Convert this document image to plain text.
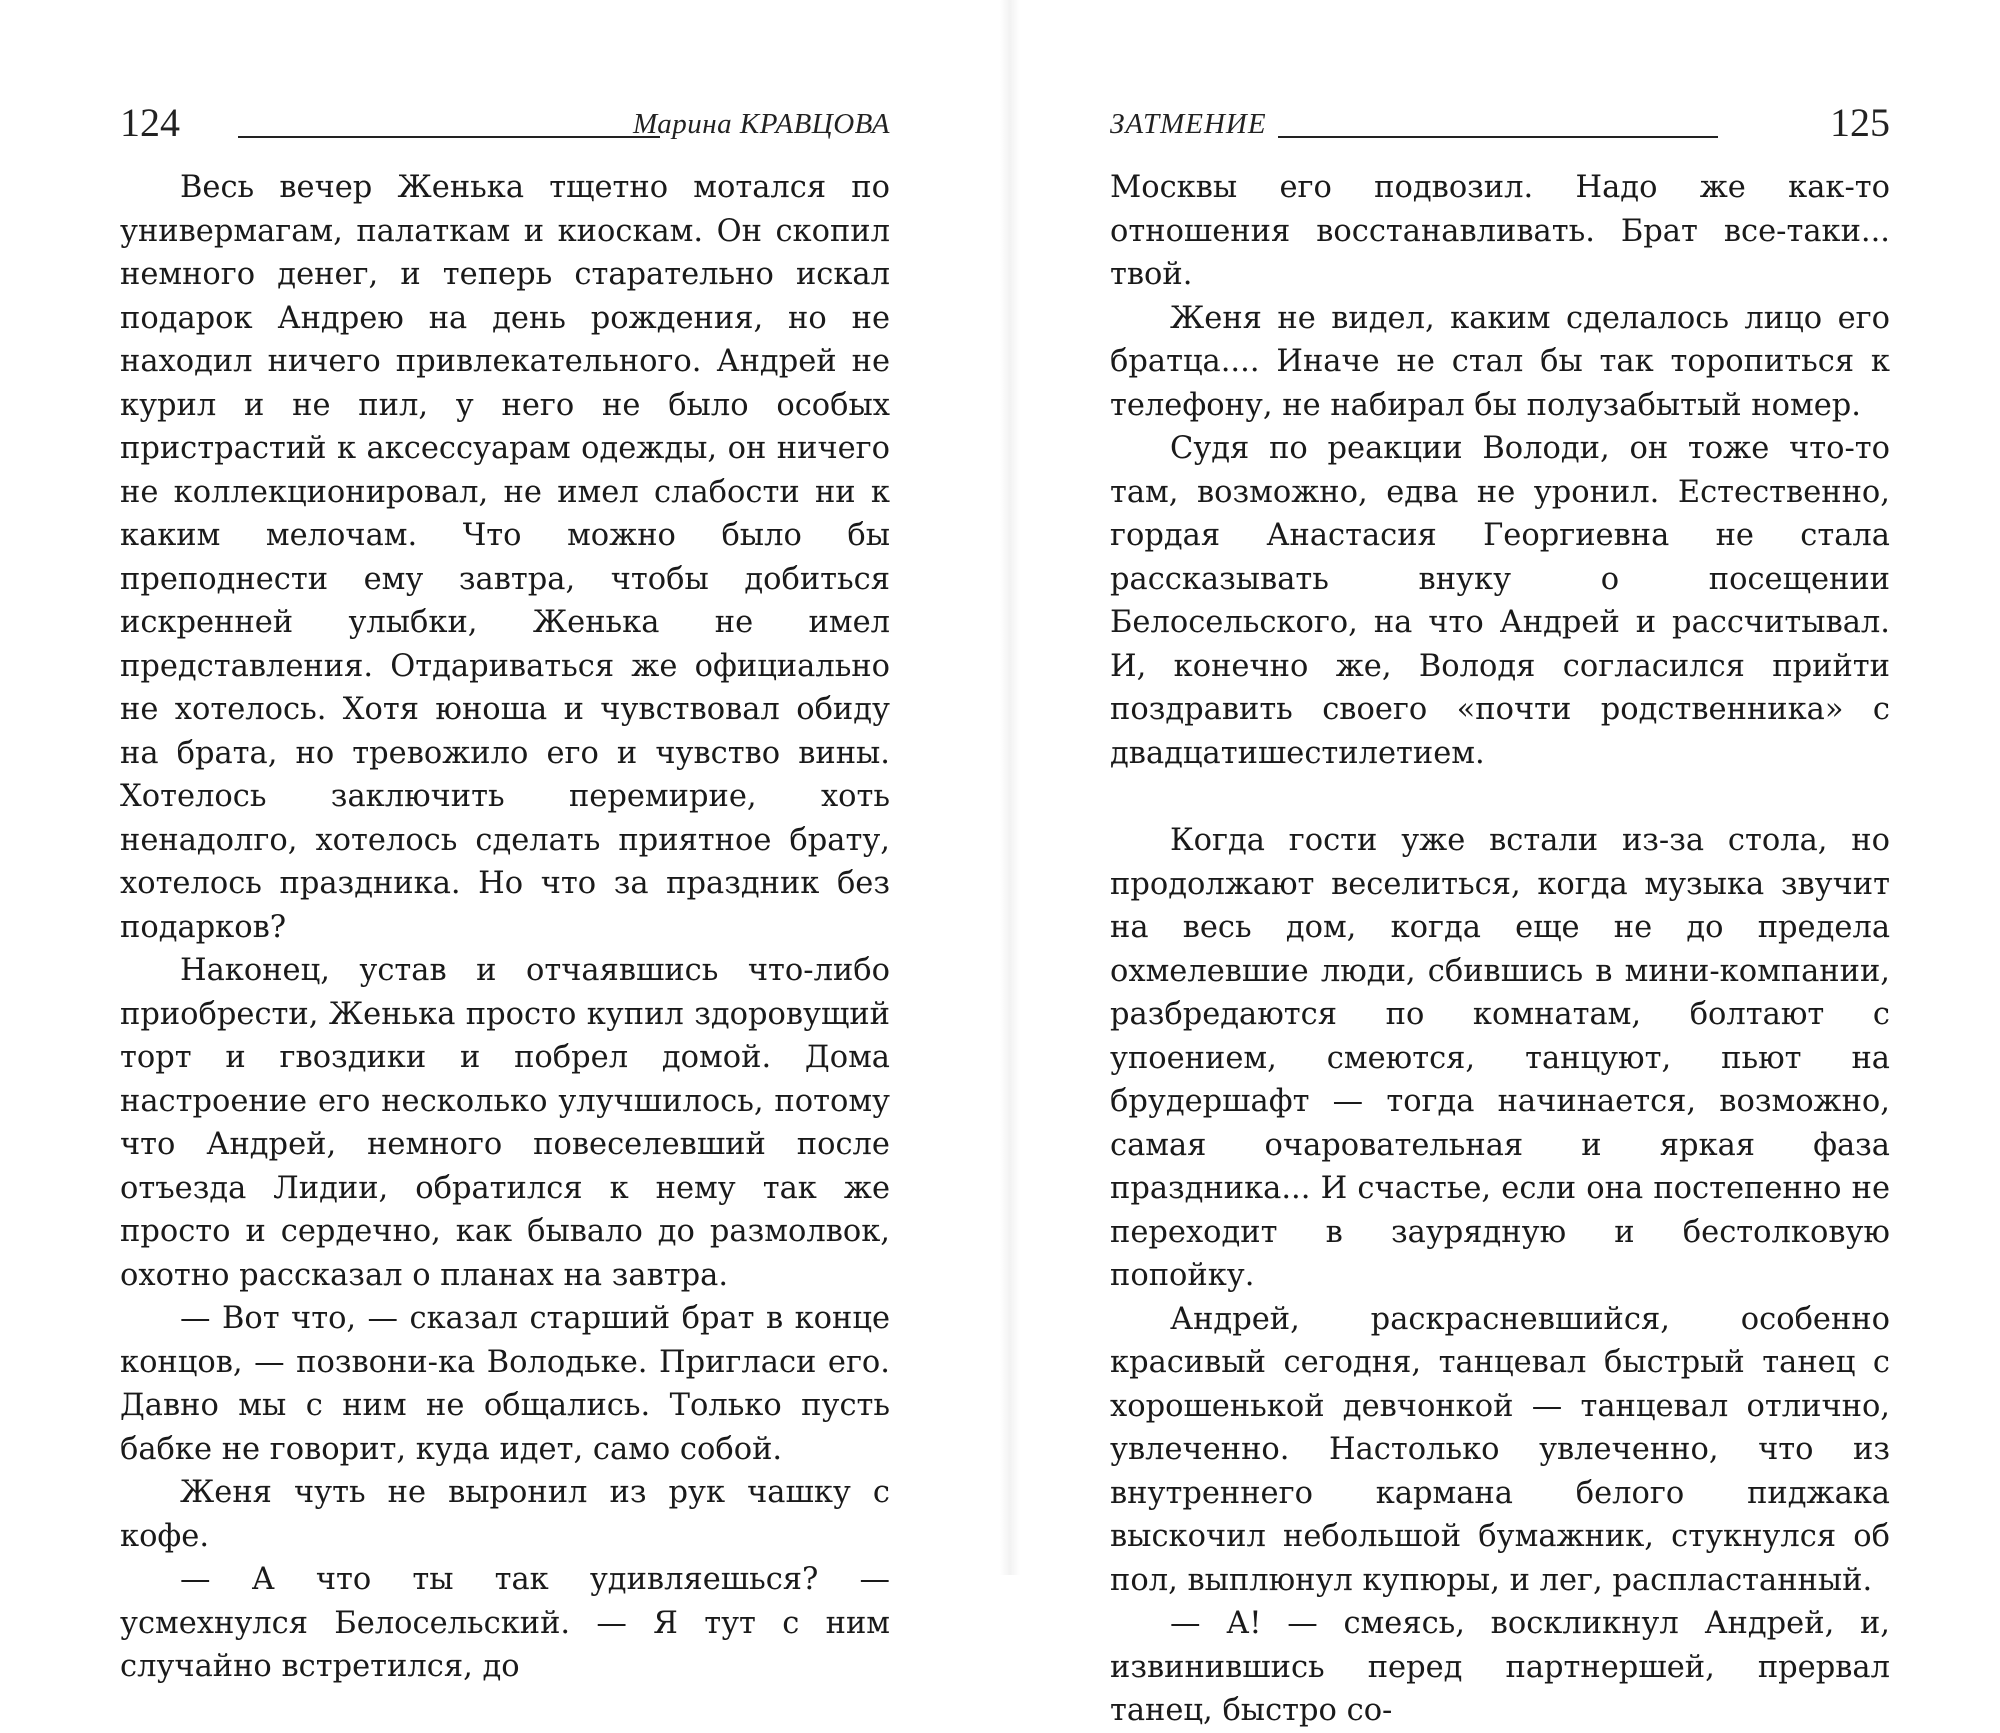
124	Марина КРАВЦОВА

Весь вечер Женька тщетно мотался по универмагам, палаткам и киоскам. Он скопил немного денег, и теперь старательно искал подарок Андрею на день рождения, но не находил ничего привлекательного. Андрей не курил и не пил, у него не было особых пристрастий к аксессуарам одежды, он ничего не коллекционировал, не имел слабости ни к каким мелочам. Что можно было бы преподнести ему завтра, чтобы добиться искренней улыбки, Женька не имел представления. Отдариваться же официально не хотелось. Хотя юноша и чувствовал обиду на брата, но тревожило его и чувство вины. Хотелось заключить перемирие, хоть ненадолго, хотелось сделать приятное брату, хотелось праздника. Но что за праздник без подарков?

Наконец, устав и отчаявшись что-либо приобрести, Женька просто купил здоровущий торт и гвоздики и побрел домой. Дома настроение его несколько улучшилось, потому что Андрей, немного повеселевший после отъезда Лидии, обратился к нему так же просто и сердечно, как бывало до размолвок, охотно рассказал о планах на завтра.

— Вот что, — сказал старший брат в конце концов, — позвони-ка Володьке. Пригласи его. Давно мы с ним не общались. Только пусть бабке не говорит, куда идет, само собой.

Женя чуть не выронил из рук чашку с кофе.

— А что ты так удивляешься? — усмехнулся Белосельский. — Я тут с ним случайно встретился, до

ЗАТМЕНИЕ	125

Москвы его подвозил. Надо же как-то отношения восстанавливать. Брат все-таки... твой.

Женя не видел, каким сделалось лицо его братца.... Иначе не стал бы так торопиться к телефону, не набирал бы полузабытый номер.

Судя по реакции Володи, он тоже что-то там, возможно, едва не уронил. Естественно, гордая Анастасия Георгиевна не стала рассказывать внуку о посещении Белосельского, на что Андрей и рассчитывал. И, конечно же, Володя согласился прийти поздравить своего «почти родственника» с двадцатишестилетием.

Когда гости уже встали из-за стола, но продолжают веселиться, когда музыка звучит на весь дом, когда еще не до предела охмелевшие люди, сбившись в мини-компании, разбредаются по комнатам, болтают с упоением, смеются, танцуют, пьют на брудершафт — тогда начинается, возможно, самая очаровательная и яркая фаза праздника... И счастье, если она постепенно не переходит в заурядную и бестолковую попойку.

Андрей, раскрасневшийся, особенно красивый сегодня, танцевал быстрый танец с хорошенькой девчонкой — танцевал отлично, увлеченно. Настолько увлеченно, что из внутреннего кармана белого пиджака выскочил небольшой бумажник, стукнулся об пол, выплюнул купюры, и лег, распластанный.

— А! — смеясь, воскликнул Андрей, и, извинившись перед партнершей, прервал танец, быстро со-
